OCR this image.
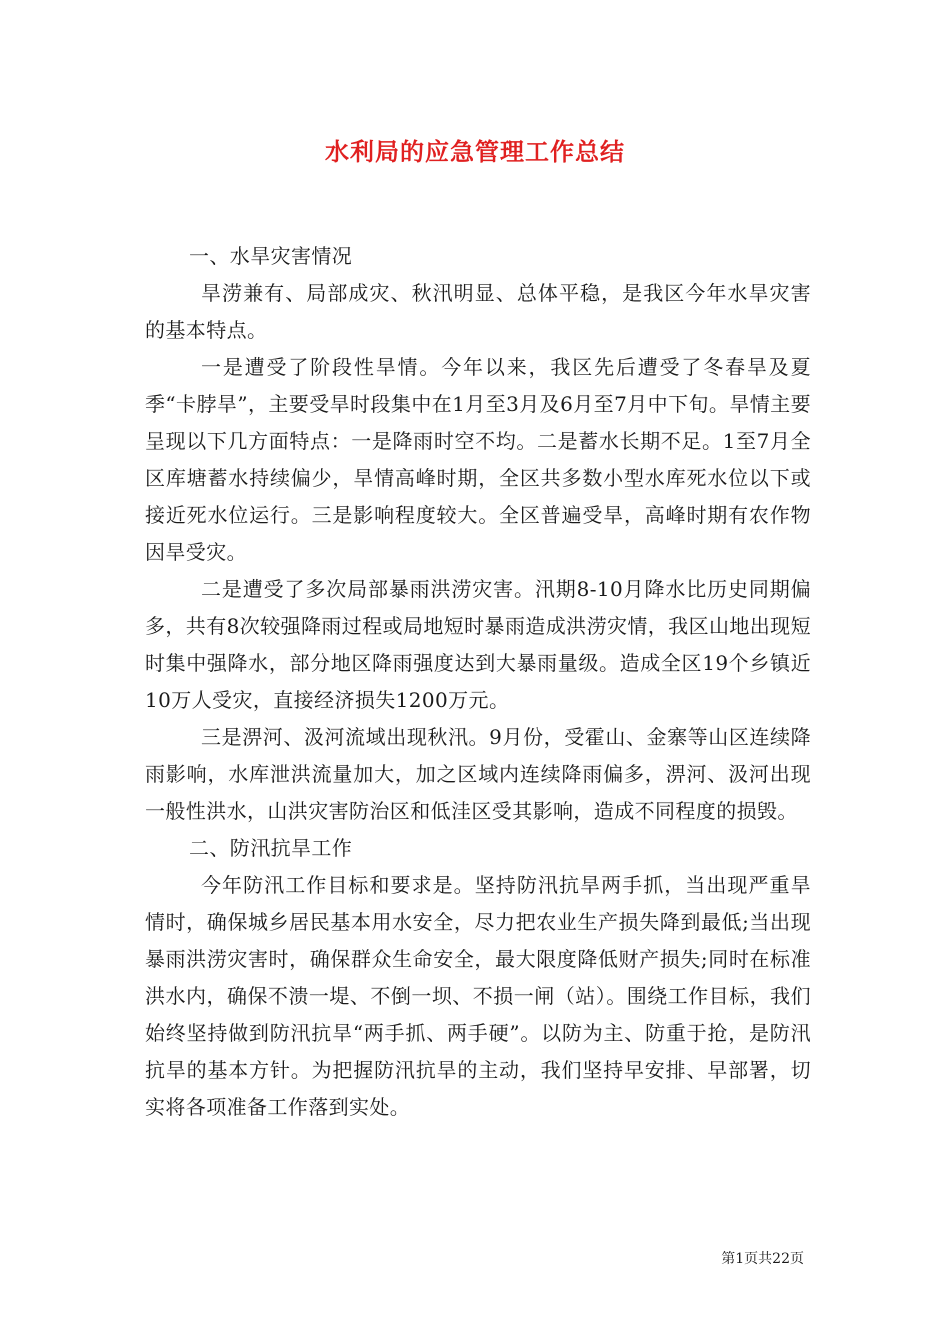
水利局的应急管理工作总结

一、水旱灾害情况

旱涝兼有、局部成灾、秋汛明显、总体平稳，是我区今年水旱灾害的基本特点。

一是遭受了阶段性旱情。今年以来，我区先后遭受了冬春旱及夏季“卡脖旱”，主要受旱时段集中在1月至3月及6月至7月中下旬。旱情主要呈现以下几方面特点：一是降雨时空不均。二是蓄水长期不足。1至7月全区库塘蓄水持续偏少，旱情高峰时期，全区共多数小型水库死水位以下或接近死水位运行。三是影响程度较大。全区普遍受旱，高峰时期有农作物因旱受灾。

二是遭受了多次局部暴雨洪涝灾害。汛期8-10月降水比历史同期偏多，共有8次较强降雨过程或局地短时暴雨造成洪涝灾情，我区山地出现短时集中强降水，部分地区降雨强度达到大暴雨量级。造成全区19个乡镇近10万人受灾，直接经济损失1200万元。

三是淠河、汲河流域出现秋汛。9月份，受霍山、金寨等山区连续降雨影响，水库泄洪流量加大，加之区域内连续降雨偏多，淠河、汲河出现一般性洪水，山洪灾害防治区和低洼区受其影响，造成不同程度的损毁。

二、防汛抗旱工作

今年防汛工作目标和要求是。坚持防汛抗旱两手抓，当出现严重旱情时，确保城乡居民基本用水安全，尽力把农业生产损失降到最低;当出现暴雨洪涝灾害时，确保群众生命安全，最大限度降低财产损失;同时在标准洪水内，确保不溃一堤、不倒一坝、不损一闸（站）。围绕工作目标，我们始终坚持做到防汛抗旱“两手抓、两手硬”。以防为主、防重于抢，是防汛抗旱的基本方针。为把握防汛抗旱的主动，我们坚持早安排、早部署，切实将各项准备工作落到实处。

第1页共22页
